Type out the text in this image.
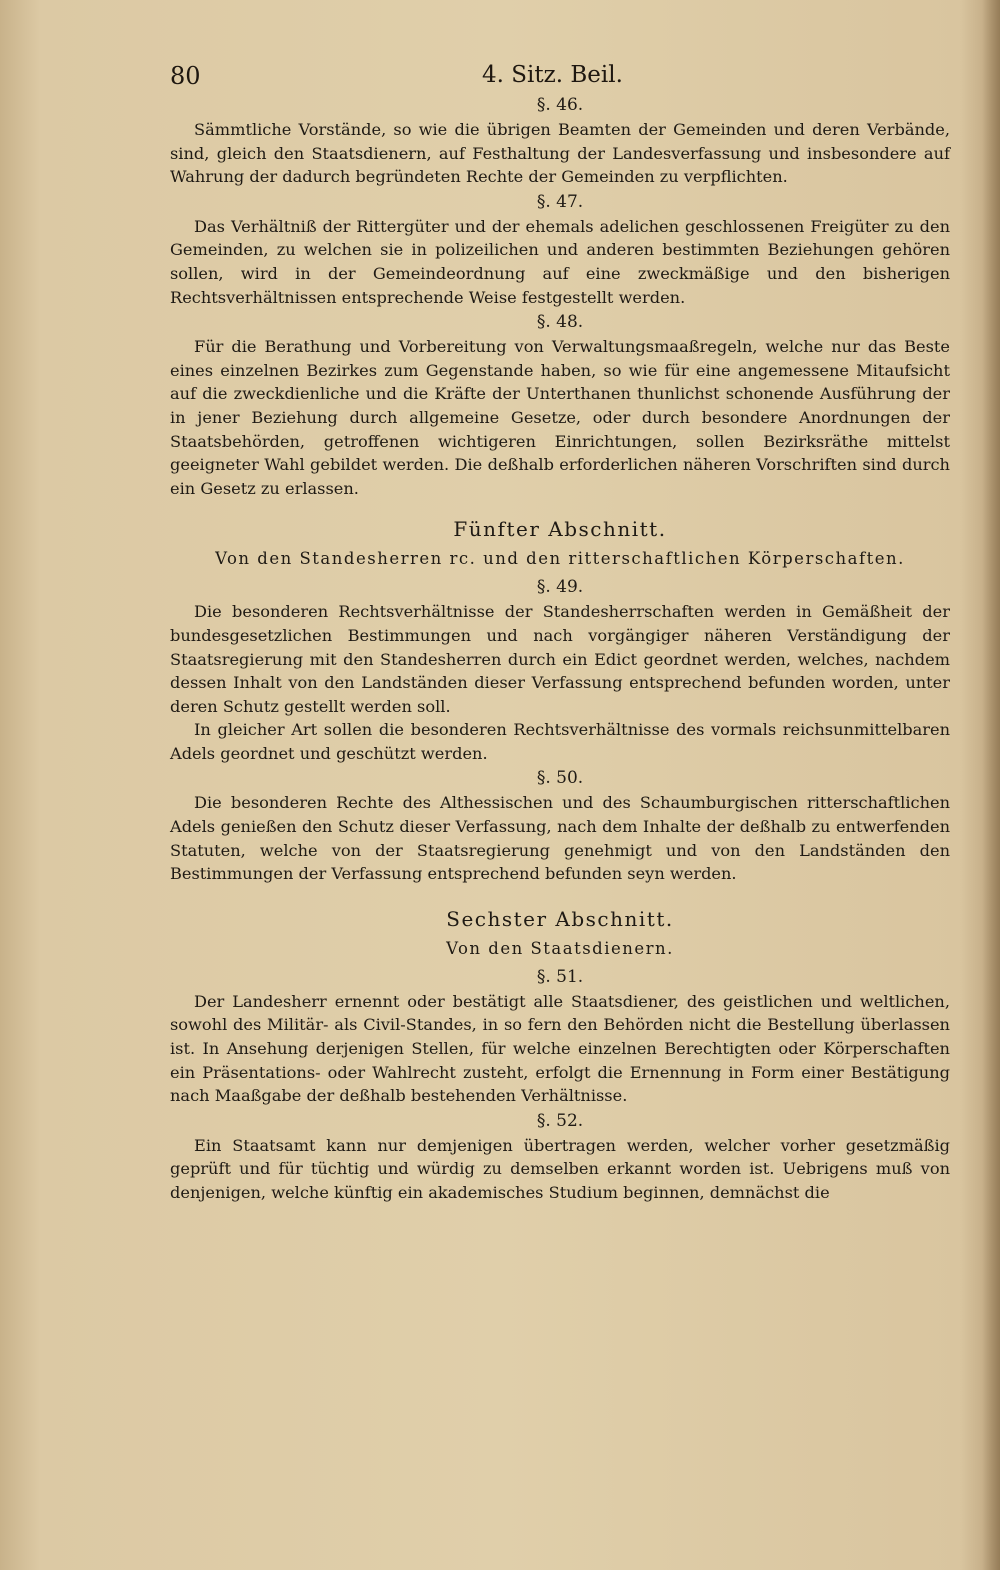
80	4. Sitz. Beil.

§. 46.

Sämmtliche Vorstände, so wie die übrigen Beamten der Gemeinden und deren Verbände, sind, gleich den Staatsdienern, auf Festhaltung der Landesverfassung und insbesondere auf Wahrung der dadurch begründeten Rechte der Gemeinden zu verpflichten.

§. 47.

Das Verhältniß der Rittergüter und der ehemals adelichen geschlossenen Freigüter zu den Gemeinden, zu welchen sie in polizeilichen und anderen bestimmten Beziehungen gehören sollen, wird in der Gemeindeordnung auf eine zweckmäßige und den bisherigen Rechtsverhältnissen entsprechende Weise festgestellt werden.

§. 48.

Für die Berathung und Vorbereitung von Verwaltungsmaaßregeln, welche nur das Beste eines einzelnen Bezirkes zum Gegenstande haben, so wie für eine angemessene Mitaufsicht auf die zweckdienliche und die Kräfte der Unterthanen thunlichst schonende Ausführung der in jener Beziehung durch allgemeine Gesetze, oder durch besondere Anordnungen der Staatsbehörden, getroffenen wichtigeren Einrichtungen, sollen Bezirksräthe mittelst geeigneter Wahl gebildet werden. Die deßhalb erforderlichen näheren Vorschriften sind durch ein Gesetz zu erlassen.

Fünfter Abschnitt.

Von den Standesherren rc. und den ritterschaftlichen Körperschaften.

§. 49.

Die besonderen Rechtsverhältnisse der Standesherrschaften werden in Gemäßheit der bundesgesetzlichen Bestimmungen und nach vorgängiger näheren Verständigung der Staatsregierung mit den Standesherren durch ein Edict geordnet werden, welches, nachdem dessen Inhalt von den Landständen dieser Verfassung entsprechend befunden worden, unter deren Schutz gestellt werden soll.

In gleicher Art sollen die besonderen Rechtsverhältnisse des vormals reichsunmittelbaren Adels geordnet und geschützt werden.

§. 50.

Die besonderen Rechte des Althessischen und des Schaumburgischen ritterschaftlichen Adels genießen den Schutz dieser Verfassung, nach dem Inhalte der deßhalb zu entwerfenden Statuten, welche von der Staatsregierung genehmigt und von den Landständen den Bestimmungen der Verfassung entsprechend befunden seyn werden.

Sechster Abschnitt.

Von den Staatsdienern.

§. 51.

Der Landesherr ernennt oder bestätigt alle Staatsdiener, des geistlichen und weltlichen, sowohl des Militär- als Civil-Standes, in so fern den Behörden nicht die Bestellung überlassen ist. In Ansehung derjenigen Stellen, für welche einzelnen Berechtigten oder Körperschaften ein Präsentations- oder Wahlrecht zusteht, erfolgt die Ernennung in Form einer Bestätigung nach Maaßgabe der deßhalb bestehenden Verhältnisse.

§. 52.

Ein Staatsamt kann nur demjenigen übertragen werden, welcher vorher gesetzmäßig geprüft und für tüchtig und würdig zu demselben erkannt worden ist. Uebrigens muß von denjenigen, welche künftig ein akademisches Studium beginnen, demnächst die
